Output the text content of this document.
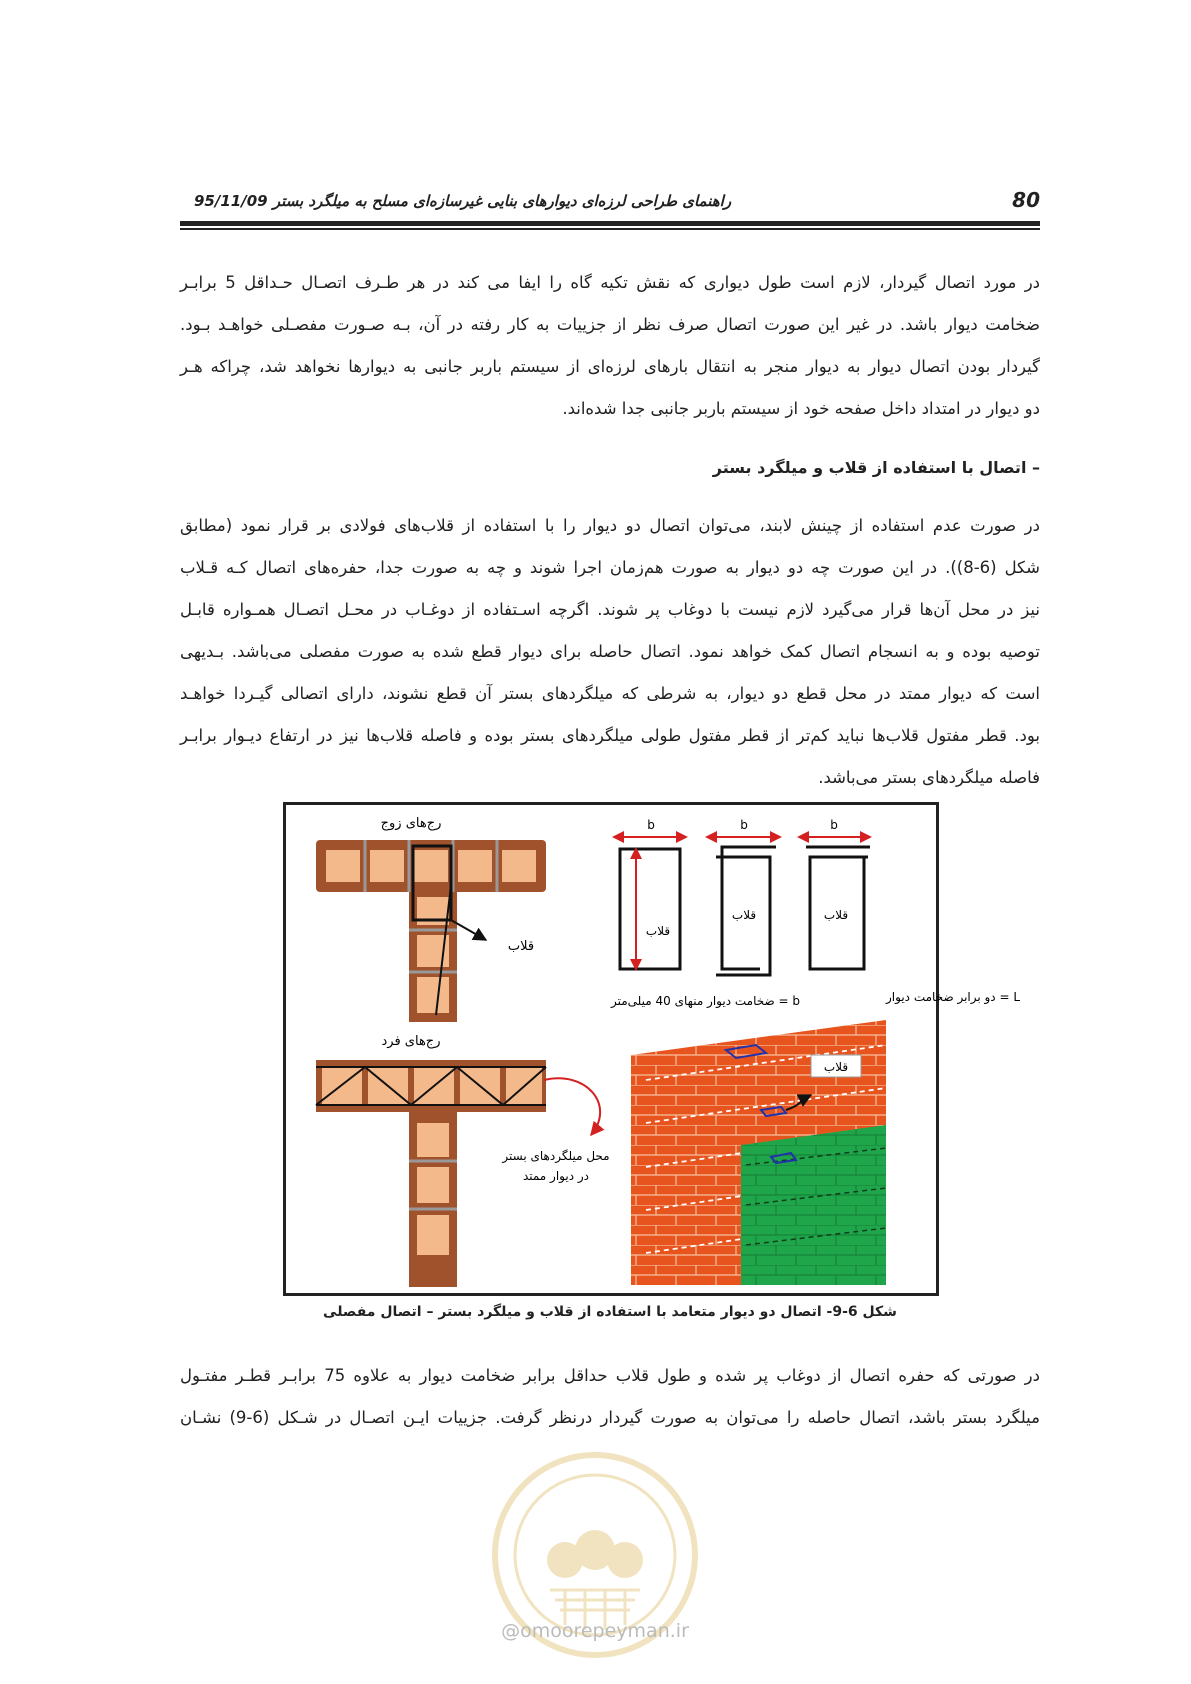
80
راهنمای طراحی لرزه‌ای دیوارهای بنایی غیرسازه‌ای مسلح به میلگرد بستر 95/11/09
در مورد اتصال گیردار، لازم است طول دیواری که نقش تکیه گاه را ایفا می کند در هر طـرف اتصـال حـداقل 5 برابـر
ضخامت دیوار باشد. در غیر این صورت اتصال صرف نظر از جزییات به کار رفته در آن، بـه صـورت مفصـلی خواهـد بـود.
گیردار بودن اتصال دیوار به دیوار منجر به انتقال بارهای لرزه‌ای از سیستم باربر جانبی به دیوارها نخواهد شد، چراکه هـر
دو دیوار در امتداد داخل صفحه خود از سیستم باربر جانبی جدا شده‌اند.
– اتصال با استفاده از قلاب و میلگرد بستر
در صورت عدم استفاده از چینش لابند، می‌توان اتصال دو دیوار را با استفاده از قلاب‌های فولادی بر قرار نمود (مطابق
شکل (6-8)). در این صورت چه دو دیوار به صورت هم‌زمان اجرا شوند و چه به صورت جدا، حفره‌های اتصال کـه قـلاب
نیز در محل آن‌ها قرار می‌گیرد لازم نیست با دوغاب پر شوند. اگرچه اسـتفاده از دوغـاب در محـل اتصـال همـواره قابـل
توصیه بوده و به انسجام اتصال کمک خواهد نمود. اتصال حاصله برای دیوار قطع شده به صورت مفصلی می‌باشد. بـدیهی
است که دیوار ممتد در محل قطع دو دیوار، به شرطی که میلگردهای بستر آن قطع نشوند، دارای اتصالی گیـردا خواهـد
بود. قطر مفتول قلاب‌ها نباید کم‌تر از قطر مفتول طولی میلگردهای بستر بوده و فاصله قلاب‌ها نیز در ارتفاع دیـوار برابـر
فاصله میلگردهای بستر می‌باشد.
رج‌های زوج
قلاب
رج‌های فرد
محل میلگردهای بستر
در دیوار ممتد
b
قلاب
b
قلاب
b
قلاب
b = ضخامت دیوار منهای 40 میلی‌متر	L = دو برابر ضخامت دیوار
قلاب
شکل 6-9- اتصال دو دیوار متعامد با استفاده از قلاب و میلگرد بستر – اتصال مفصلی
در صورتی که حفره اتصال از دوغاب پر شده و طول قلاب حداقل برابر ضخامت دیوار به علاوه 75 برابـر قطـر مفتـول
میلگرد بستر باشد، اتصال حاصله را می‌توان به صورت گیردار درنظر گرفت. جزییات ایـن اتصـال در شـکل (6-9) نشـان
@omoorepeyman.ir
